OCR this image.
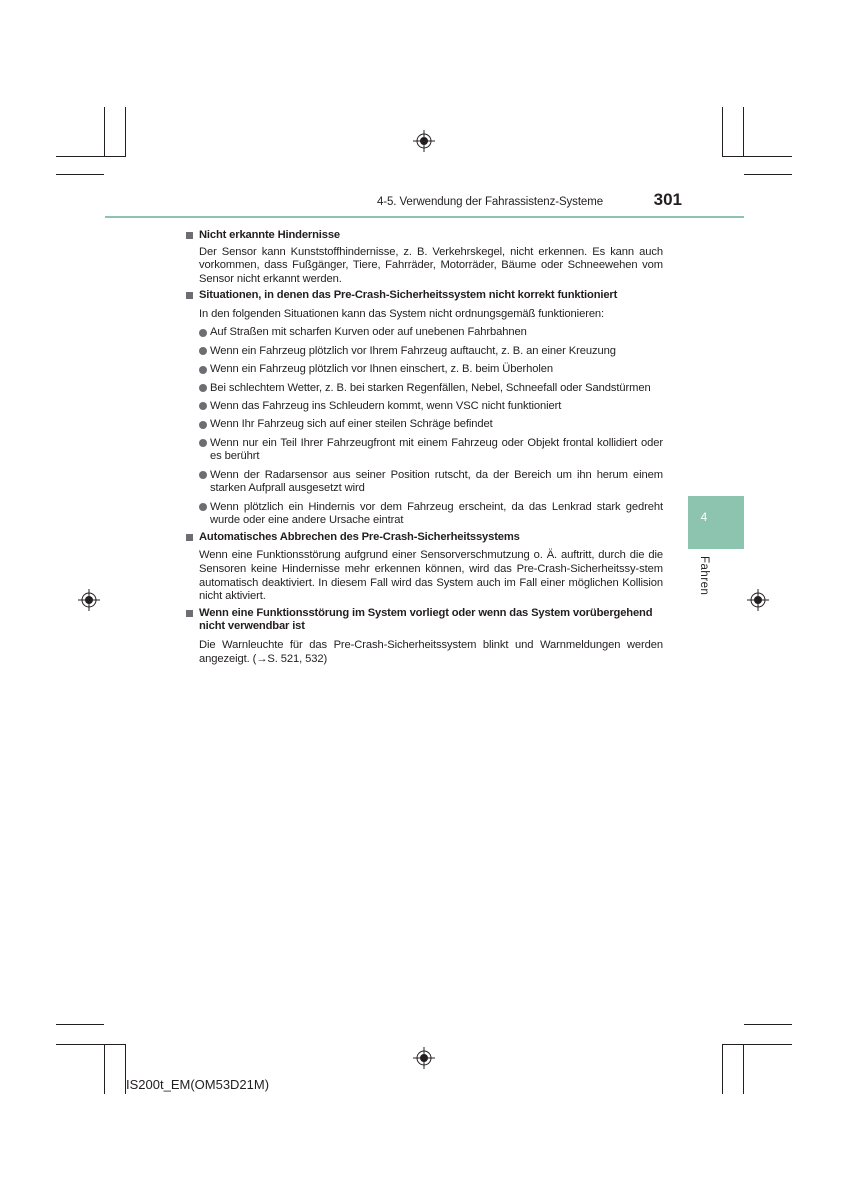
4-5. Verwendung der Fahrassistenz-Systeme	301
4
Fahren
Nicht erkannte Hindernisse
Der Sensor kann Kunststoffhindernisse, z. B. Verkehrskegel, nicht erkennen. Es kann auch vorkommen, dass Fußgänger, Tiere, Fahrräder, Motorräder, Bäume oder Schneewehen vom Sensor nicht erkannt werden.
Situationen, in denen das Pre-Crash-Sicherheitssystem nicht korrekt funktioniert
In den folgenden Situationen kann das System nicht ordnungsgemäß funktionieren:
Auf Straßen mit scharfen Kurven oder auf unebenen Fahrbahnen
Wenn ein Fahrzeug plötzlich vor Ihrem Fahrzeug auftaucht, z. B. an einer Kreuzung
Wenn ein Fahrzeug plötzlich vor Ihnen einschert, z. B. beim Überholen
Bei schlechtem Wetter, z. B. bei starken Regenfällen, Nebel, Schneefall oder Sandstürmen
Wenn das Fahrzeug ins Schleudern kommt, wenn VSC nicht funktioniert
Wenn Ihr Fahrzeug sich auf einer steilen Schräge befindet
Wenn nur ein Teil Ihrer Fahrzeugfront mit einem Fahrzeug oder Objekt frontal kollidiert oder es berührt
Wenn der Radarsensor aus seiner Position rutscht, da der Bereich um ihn herum einem starken Aufprall ausgesetzt wird
Wenn plötzlich ein Hindernis vor dem Fahrzeug erscheint, da das Lenkrad stark gedreht wurde oder eine andere Ursache eintrat
Automatisches Abbrechen des Pre-Crash-Sicherheitssystems
Wenn eine Funktionsstörung aufgrund einer Sensorverschmutzung o. Ä. auftritt, durch die die Sensoren keine Hindernisse mehr erkennen können, wird das Pre-Crash-Sicherheitssy-stem automatisch deaktiviert. In diesem Fall wird das System auch im Fall einer möglichen Kollision nicht aktiviert.
Wenn eine Funktionsstörung im System vorliegt oder wenn das System vorübergehend nicht verwendbar ist
Die Warnleuchte für das Pre-Crash-Sicherheitssystem blinkt und Warnmeldungen werden angezeigt. (→S. 521, 532)
IS200t_EM(OM53D21M)
